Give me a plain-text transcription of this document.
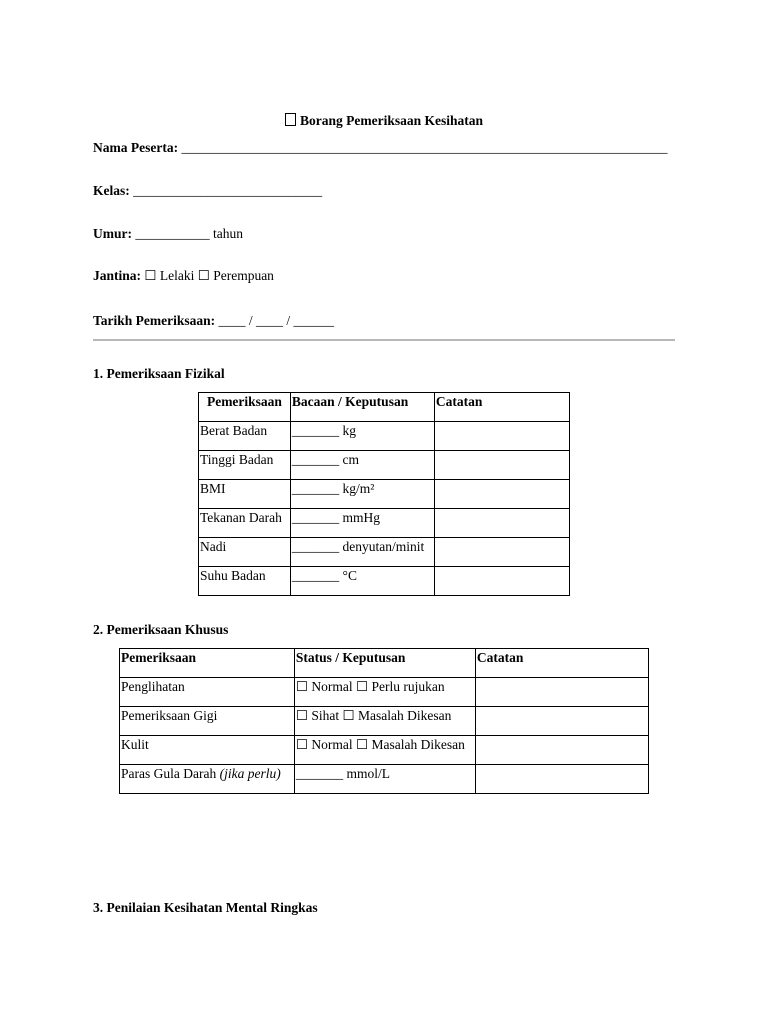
Borang Pemeriksaan Kesihatan
Nama Peserta: ________________________________________________________________________
Kelas: ____________________________
Umur: ___________ tahun
Jantina: ☐ Lelaki ☐ Perempuan
Tarikh Pemeriksaan: ____ / ____ / ______
1. Pemeriksaan Fizikal
Pemeriksaan	Bacaan / Keputusan	Catatan
Berat Badan	_______ kg	
Tinggi Badan	_______ cm	
BMI	_______ kg/m²	
Tekanan Darah	_______ mmHg	
Nadi	_______ denyutan/minit	
Suhu Badan	_______ °C	
2. Pemeriksaan Khusus
Pemeriksaan	Status / Keputusan	Catatan
Penglihatan	☐ Normal ☐ Perlu rujukan	
Pemeriksaan Gigi	☐ Sihat ☐ Masalah Dikesan	
Kulit	☐ Normal ☐ Masalah Dikesan	
Paras Gula Darah (jika perlu)	_______ mmol/L	
3. Penilaian Kesihatan Mental Ringkas
